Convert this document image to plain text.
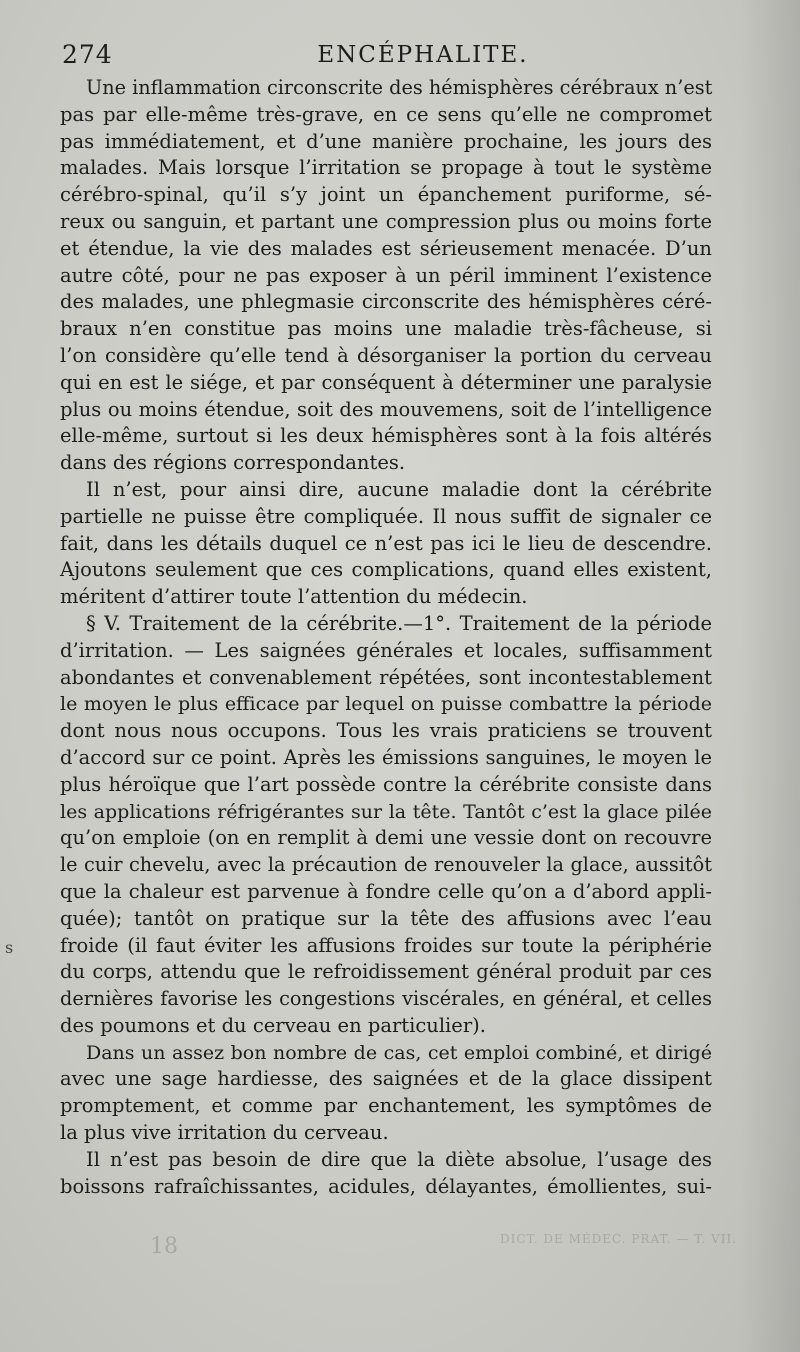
274	ENCÉPHALITE.
Une inflammation circonscrite des hémisphères cérébraux n’est
pas par elle-même très-grave, en ce sens qu’elle ne compromet
pas immédiatement, et d’une manière prochaine, les jours des
malades. Mais lorsque l’irritation se propage à tout le système
cérébro-spinal, qu’il s’y joint un épanchement puriforme, sé-
reux ou sanguin, et partant une compression plus ou moins forte
et étendue, la vie des malades est sérieusement menacée. D’un
autre côté, pour ne pas exposer à un péril imminent l’existence
des malades, une phlegmasie circonscrite des hémisphères céré-
braux n’en constitue pas moins une maladie très-fâcheuse, si
l’on considère qu’elle tend à désorganiser la portion du cerveau
qui en est le siége, et par conséquent à déterminer une paralysie
plus ou moins étendue, soit des mouvemens, soit de l’intelligence
elle-même, surtout si les deux hémisphères sont à la fois altérés
dans des régions correspondantes.
Il n’est, pour ainsi dire, aucune maladie dont la cérébrite
partielle ne puisse être compliquée. Il nous suffit de signaler ce
fait, dans les détails duquel ce n’est pas ici le lieu de descendre.
Ajoutons seulement que ces complications, quand elles existent,
méritent d’attirer toute l’attention du médecin.
§ V. Traitement de la cérébrite.—1°. Traitement de la période
d’irritation. — Les saignées générales et locales, suffisamment
abondantes et convenablement répétées, sont incontestablement
le moyen le plus efficace par lequel on puisse combattre la période
dont nous nous occupons. Tous les vrais praticiens se trouvent
d’accord sur ce point. Après les émissions sanguines, le moyen le
plus héroïque que l’art possède contre la cérébrite consiste dans
les applications réfrigérantes sur la tête. Tantôt c’est la glace pilée
qu’on emploie (on en remplit à demi une vessie dont on recouvre
le cuir chevelu, avec la précaution de renouveler la glace, aussitôt
que la chaleur est parvenue à fondre celle qu’on a d’abord appli-
quée); tantôt on pratique sur la tête des affusions avec l’eau
froide (il faut éviter les affusions froides sur toute la périphérie
du corps, attendu que le refroidissement général produit par ces
dernières favorise les congestions viscérales, en général, et celles
des poumons et du cerveau en particulier).
Dans un assez bon nombre de cas, cet emploi combiné, et dirigé
avec une sage hardiesse, des saignées et de la glace dissipent
promptement, et comme par enchantement, les symptômes de
la plus vive irritation du cerveau.
Il n’est pas besoin de dire que la diète absolue, l’usage des
boissons rafraîchissantes, acidules, délayantes, émollientes, sui-
s
18	DICT. DE MÉDEC. PRAT. — T. VII.
